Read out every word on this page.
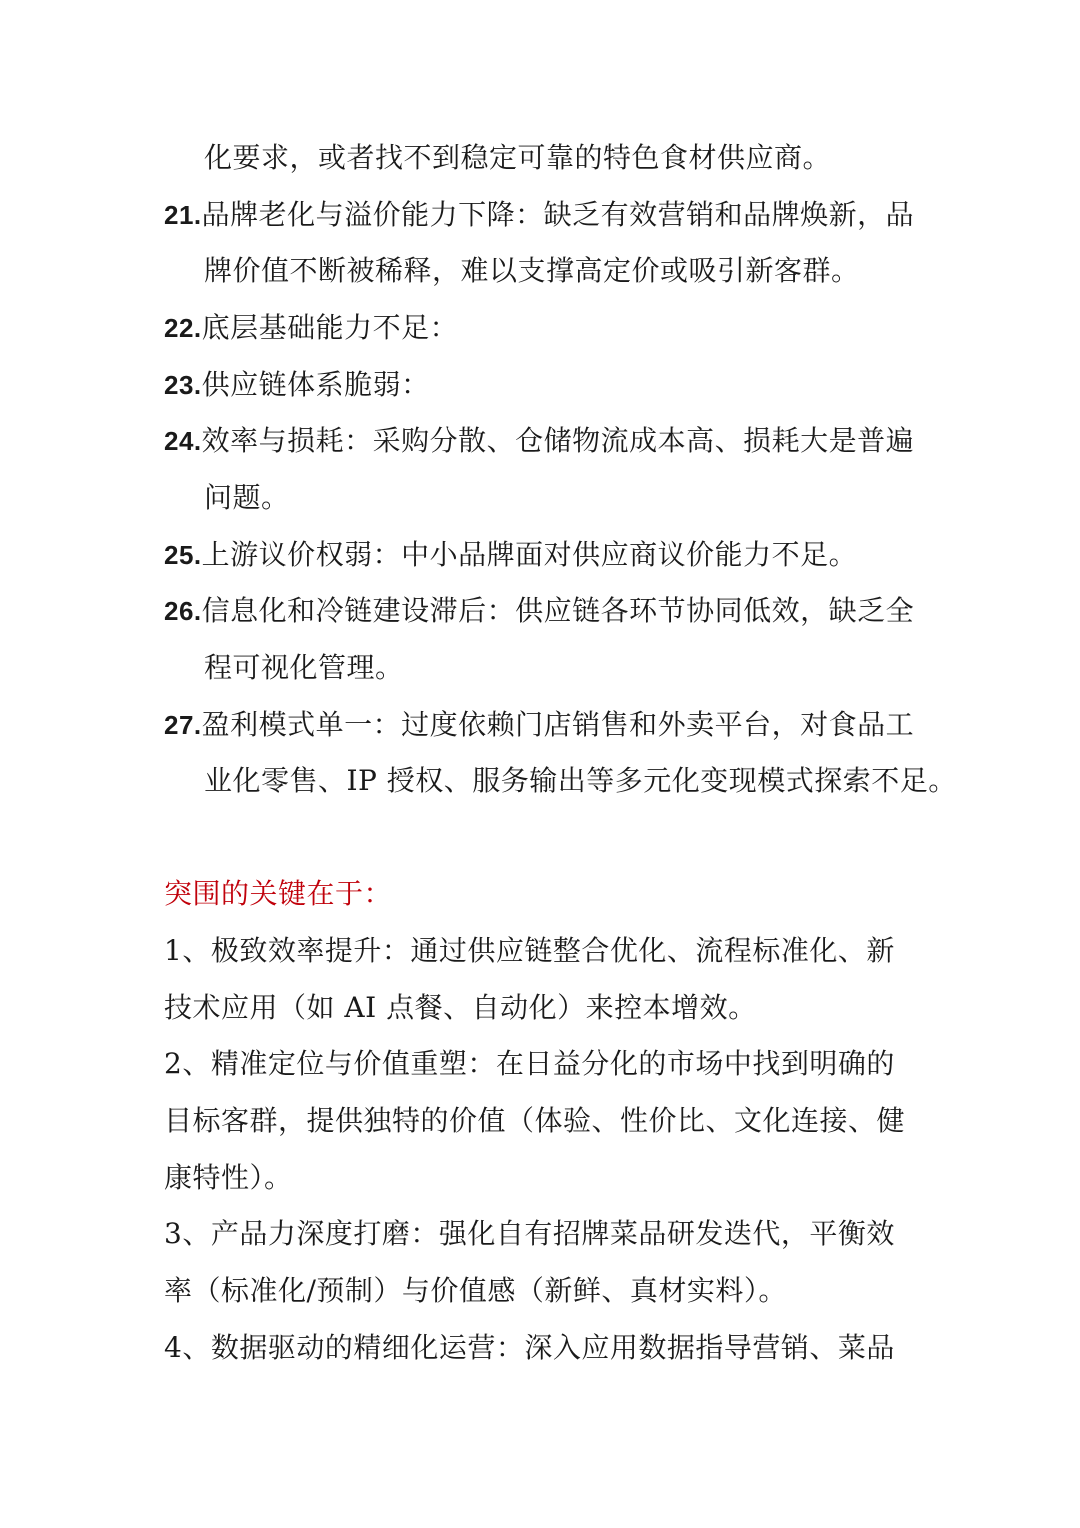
化要求，或者找不到稳定可靠的特色食材供应商。
21.品牌老化与溢价能力下降：缺乏有效营销和品牌焕新，品
牌价值不断被稀释，难以支撑高定价或吸引新客群。
22.底层基础能力不足：
23.供应链体系脆弱：
24.效率与损耗：采购分散、仓储物流成本高、损耗大是普遍
问题。
25.上游议价权弱：中小品牌面对供应商议价能力不足。
26.信息化和冷链建设滞后：供应链各环节协同低效，缺乏全
程可视化管理。
27.盈利模式单一：过度依赖门店销售和外卖平台，对食品工
业化零售、IP 授权、服务输出等多元化变现模式探索不足。
突围的关键在于：
1、极致效率提升：通过供应链整合优化、流程标准化、新
技术应用（如 AI 点餐、自动化）来控本增效。
2、精准定位与价值重塑：在日益分化的市场中找到明确的
目标客群，提供独特的价值（体验、性价比、文化连接、健
康特性）。
3、产品力深度打磨：强化自有招牌菜品研发迭代，平衡效
率（标准化/预制）与价值感（新鲜、真材实料）。
4、数据驱动的精细化运营：深入应用数据指导营销、菜品
